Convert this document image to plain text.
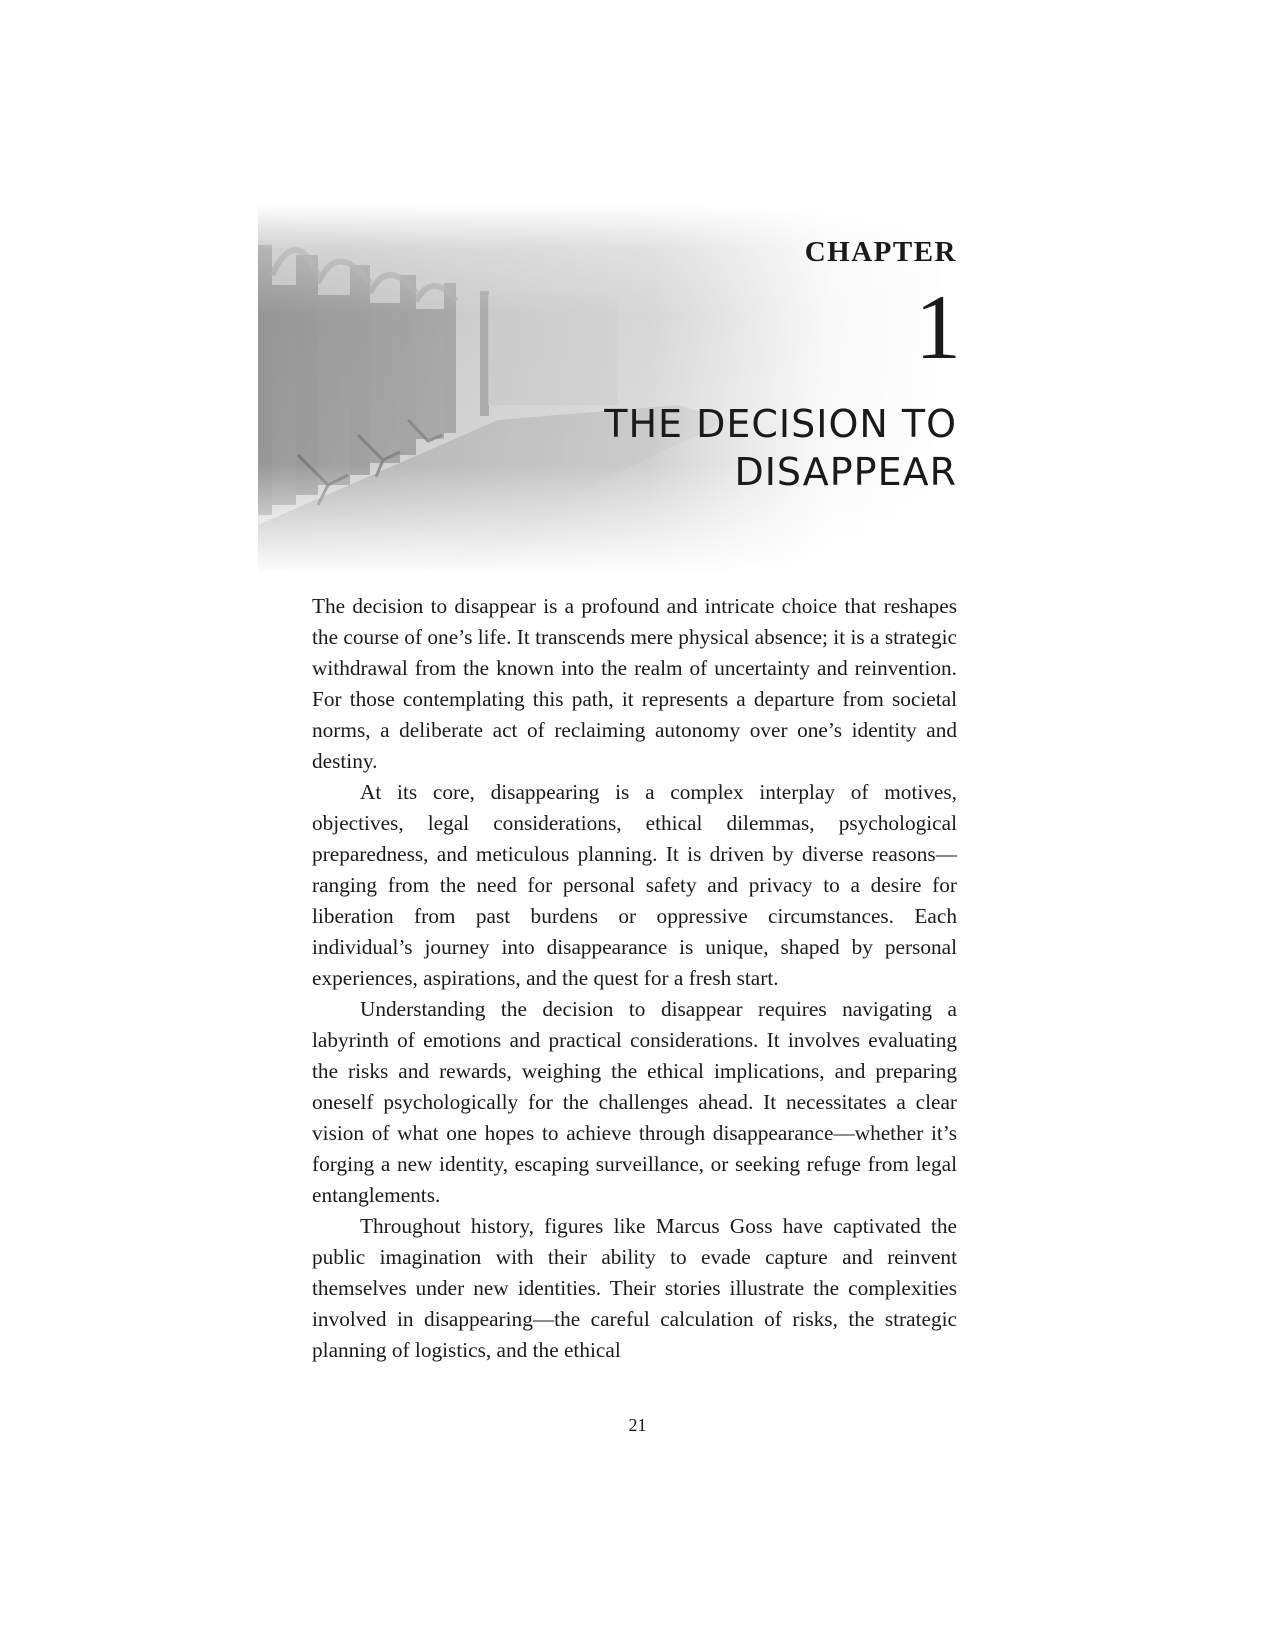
CHAPTER
1
THE DECISION TO
DISAPPEAR

The decision to disappear is a profound and intricate choice that reshapes the course of one’s life. It transcends mere physical absence; it is a strategic withdrawal from the known into the realm of uncertainty and reinvention. For those contemplating this path, it represents a departure from societal norms, a deliberate act of reclaiming autonomy over one’s identity and destiny.

At its core, disappearing is a complex interplay of motives, objectives, legal considerations, ethical dilemmas, psychological preparedness, and meticulous planning. It is driven by diverse reasons—ranging from the need for personal safety and privacy to a desire for liberation from past burdens or oppressive circumstances. Each individual’s journey into disappearance is unique, shaped by personal experiences, aspirations, and the quest for a fresh start.

Understanding the decision to disappear requires navigating a labyrinth of emotions and practical considerations. It involves evaluating the risks and rewards, weighing the ethical implications, and preparing oneself psychologically for the challenges ahead. It necessitates a clear vision of what one hopes to achieve through disappearance—whether it’s forging a new identity, escaping surveillance, or seeking refuge from legal entanglements.

Throughout history, figures like Marcus Goss have captivated the public imagination with their ability to evade capture and reinvent themselves under new identities. Their stories illustrate the complexities involved in disappearing—the careful calculation of risks, the strategic planning of logistics, and the ethical

21
